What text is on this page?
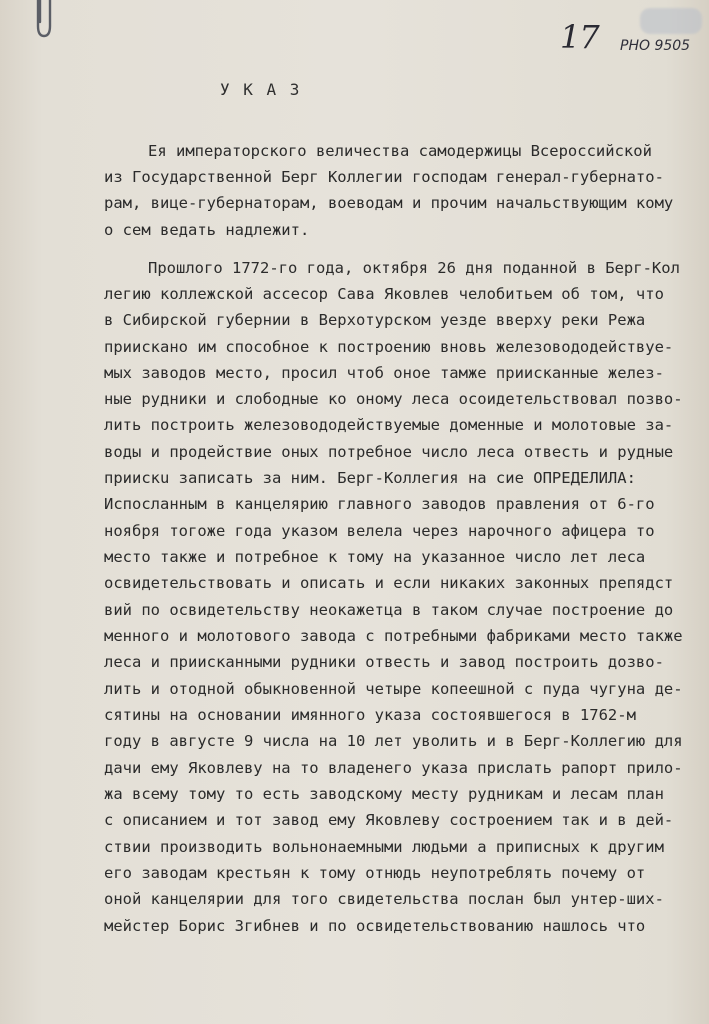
17 РНО 9505
У К А З
Ея императорского величества самодержицы Всероссийской
из Государственной Берг Коллегии господам генерал-губернато-
рам, вице-губернаторам, воеводам и прочим начальствующим кому
о сем ведать надлежит.
Прошлого 1772-го года, октября 26 дня поданной в Берг-Кол
легию коллежской ассесор Сава Яковлев челобитьем об том, что
в Сибирской губернии в Верхотурском уезде вверху реки Режа
приискано им способное к построению вновь железовододействуе-
мых заводов место, просил чтоб оное тамже приисканные желез-
ные рудники и слободные ко оному леса осоидетельствовал позво-
лить построить железовододействуемые доменные и молотовые за-
воды и продействие оных потребное число леса отвесть и рудные
приискu записать за ним. Берг-Коллегия на сие ОПРЕДЕЛИЛА:
Испосланным в канцелярию главного заводов правления от 6-го
ноября тогоже года указом велела через нарочного афицера то
место также и потребное к тому на указанное число лет леса
освидетельствовать и описать и если никаких законных препядст
вий по освидетельству неокажетца в таком случае построение до
менного и молотового завода с потребными фабриками место также
леса и приисканными рудники отвесть и завод построить дозво-
лить и отодной обыкновенной четыре копеешной с пуда чугуна де-
сятины на основании имянного указа состоявшегося в 1762-м
году в августе 9 числа на 10 лет уволить и в Берг-Коллегию для
дачи ему Яковлеву на то владенего указа прислать рапорт прило-
жа всему тому то есть заводскому месту рудникам и лесам план
с описанием и тот завод ему Яковлеву состроением так и в дей-
ствии производить вольнонаемными людьми а приписных к другим
его заводам крестьян к тому отнюдь неупотреблять почему от
оной канцелярии для того свидетельства послан был унтер-ших-
мейстер Борис Згибнев и по освидетельствованию нашлось что
